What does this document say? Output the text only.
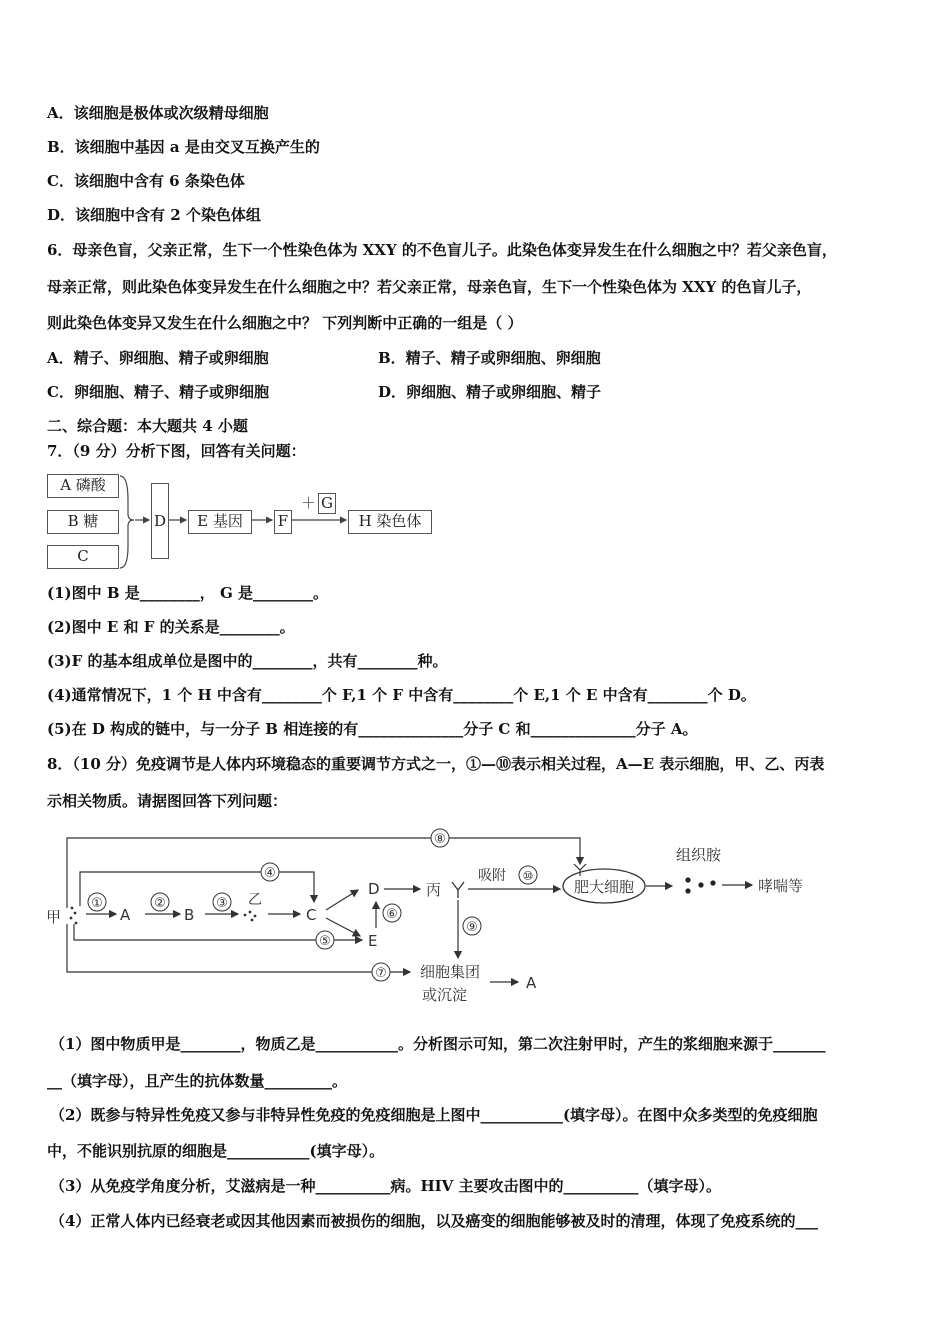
A．该细胞是极体或次级精母细胞
B．该细胞中基因 a 是由交叉互换产生的
C．该细胞中含有 6 条染色体
D．该细胞中含有 2 个染色体组
6．母亲色盲，父亲正常，生下一个性染色体为 XXY 的不色盲儿子。此染色体变异发生在什么细胞之中？若父亲色盲，
母亲正常，则此染色体变异发生在什么细胞之中？若父亲正常，母亲色盲，生下一个性染色体为 XXY 的色盲儿子，
则此染色体变异又发生在什么细胞之中？ 下列判断中正确的一组是（ ）
A．精子、卵细胞、精子或卵细胞	B．精子、精子或卵细胞、卵细胞
C．卵细胞、精子、精子或卵细胞	D．卵细胞、精子或卵细胞、精子
二、综合题：本大题共 4 小题
7．（9 分）分析下图，回答有关问题：
A 磷酸
B 糖
C
D	E 基因	F
＋ G
H 染色体
(1)图中 B 是________， G 是________。
(2)图中 E 和 F 的关系是________。
(3)F 的基本组成单位是图中的________，共有________种。
(4)通常情况下，1 个 H 中含有________个 F,1 个 F 中含有________个 E,1 个 E 中含有________个 D。
(5)在 D 构成的链中，与一分子 B 相连接的有______________分子 C 和______________分子 A。
8．（10 分）免疫调节是人体内环境稳态的重要调节方式之一，①—⑩表示相关过程，A—E 表示细胞，甲、乙、丙表
示相关物质。请据图回答下列问题：
甲
⑧
④
①
A
②
B
③ 乙
C
D
⑥
E
⑤
丙
吸附 ⑩
肥大细胞
组织胺
哮喘等
⑨
⑦ 细胞集团
或沉淀
A
（1）图中物质甲是________，物质乙是___________。分析图示可知，第二次注射甲时，产生的浆细胞来源于_______
__（填字母），且产生的抗体数量_________。
（2）既参与特异性免疫又参与非特异性免疫的免疫细胞是上图中___________(填字母）。在图中众多类型的免疫细胞
中，不能识别抗原的细胞是___________(填字母）。
（3）从免疫学角度分析，艾滋病是一种__________病。HIV 主要攻击图中的__________（填字母）。
（4）正常人体内已经衰老或因其他因素而被损伤的细胞，以及癌变的细胞能够被及时的清理，体现了免疫系统的___
